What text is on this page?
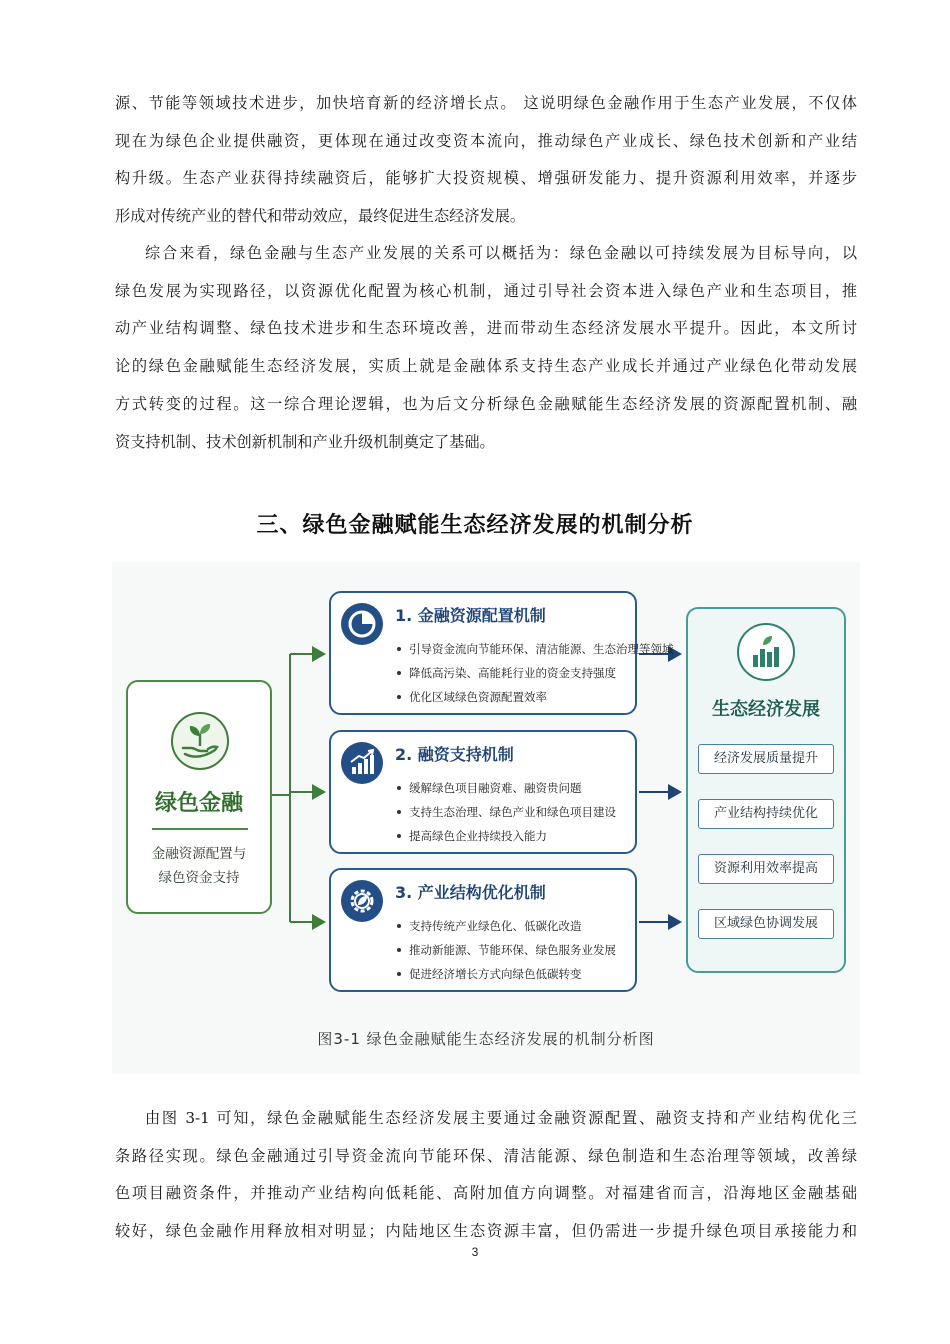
源、节能等领域技术进步，加快培育新的经济增长点。 这说明绿色金融作用于生态产业发展，不仅体
现在为绿色企业提供融资，更体现在通过改变资本流向，推动绿色产业成长、绿色技术创新和产业结
构升级。生态产业获得持续融资后，能够扩大投资规模、增强研发能力、提升资源利用效率，并逐步
形成对传统产业的替代和带动效应，最终促进生态经济发展。
综合来看，绿色金融与生态产业发展的关系可以概括为：绿色金融以可持续发展为目标导向，以
绿色发展为实现路径，以资源优化配置为核心机制，通过引导社会资本进入绿色产业和生态项目，推
动产业结构调整、绿色技术进步和生态环境改善，进而带动生态经济发展水平提升。因此，本文所讨
论的绿色金融赋能生态经济发展，实质上就是金融体系支持生态产业成长并通过产业绿色化带动发展
方式转变的过程。这一综合理论逻辑，也为后文分析绿色金融赋能生态经济发展的资源配置机制、融
资支持机制、技术创新机制和产业升级机制奠定了基础。
三、绿色金融赋能生态经济发展的机制分析
绿色金融
金融资源配置与
绿色资金支持
1. 金融资源配置机制
引导资金流向节能环保、清洁能源、生态治理等领域
降低高污染、高能耗行业的资金支持强度
优化区域绿色资源配置效率
2. 融资支持机制
缓解绿色项目融资难、融资贵问题
支持生态治理、绿色产业和绿色项目建设
提高绿色企业持续投入能力
3. 产业结构优化机制
支持传统产业绿色化、低碳化改造
推动新能源、节能环保、绿色服务业发展
促进经济增长方式向绿色低碳转变
生态经济发展
经济发展质量提升
产业结构持续优化
资源利用效率提高
区域绿色协调发展
图3-1 绿色金融赋能生态经济发展的机制分析图
由图 3-1 可知，绿色金融赋能生态经济发展主要通过金融资源配置、融资支持和产业结构优化三
条路径实现。绿色金融通过引导资金流向节能环保、清洁能源、绿色制造和生态治理等领域，改善绿
色项目融资条件，并推动产业结构向低耗能、高附加值方向调整。对福建省而言，沿海地区金融基础
较好，绿色金融作用释放相对明显；内陆地区生态资源丰富，但仍需进一步提升绿色项目承接能力和
3
